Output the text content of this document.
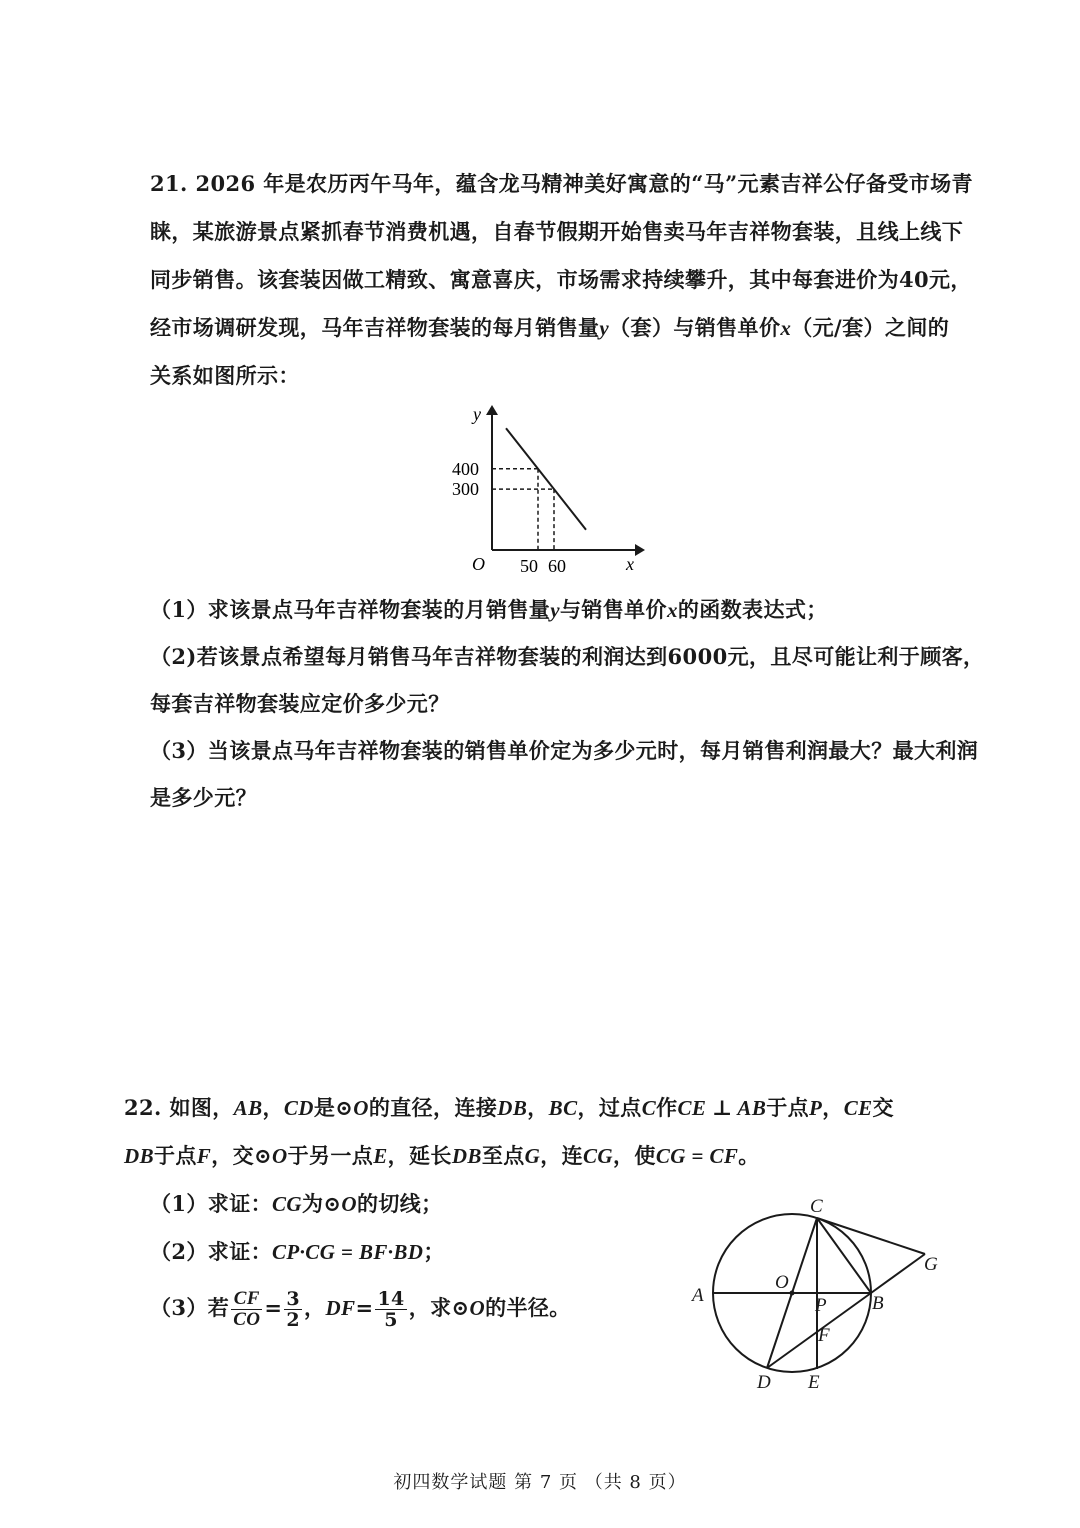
21. 2026 年是农历丙午马年，蕴含龙马精神美好寓意的“马”元素吉祥公仔备受市场青
睐，某旅游景点紧抓春节消费机遇，自春节假期开始售卖马年吉祥物套装，且线上线下
同步销售。该套装因做工精致、寓意喜庆，市场需求持续攀升，其中每套进价为40元，
经市场调研发现，马年吉祥物套装的每月销售量y（套）与销售单价x（元/套）之间的
关系如图所示：
y
x
O
400
300
50 60
（1）求该景点马年吉祥物套装的月销售量y与销售单价x的函数表达式；
（2)若该景点希望每月销售马年吉祥物套装的利润达到6000元，且尽可能让利于顾客，
每套吉祥物套装应定价多少元？
（3）当该景点马年吉祥物套装的销售单价定为多少元时，每月销售利润最大？最大利润
是多少元？
22. 如图，AB，CD是⊙O的直径，连接DB，BC，过点C作CE ⊥ AB于点P，CE交
DB于点F，交⊙O于另一点E，延长DB至点G，连CG，使CG = CF。
（1）求证：CG为⊙O的切线；
（2）求证：CP·CG = BF·BD；
（3）若 $\frac{CF}{CO} = \frac{3}{2}$ ，$DF= \frac{14}{5}$ ，求⊙O的半径。
C
G
A
O
P B
F
D E
初四数学试题 第 7 页 （共 8 页）
